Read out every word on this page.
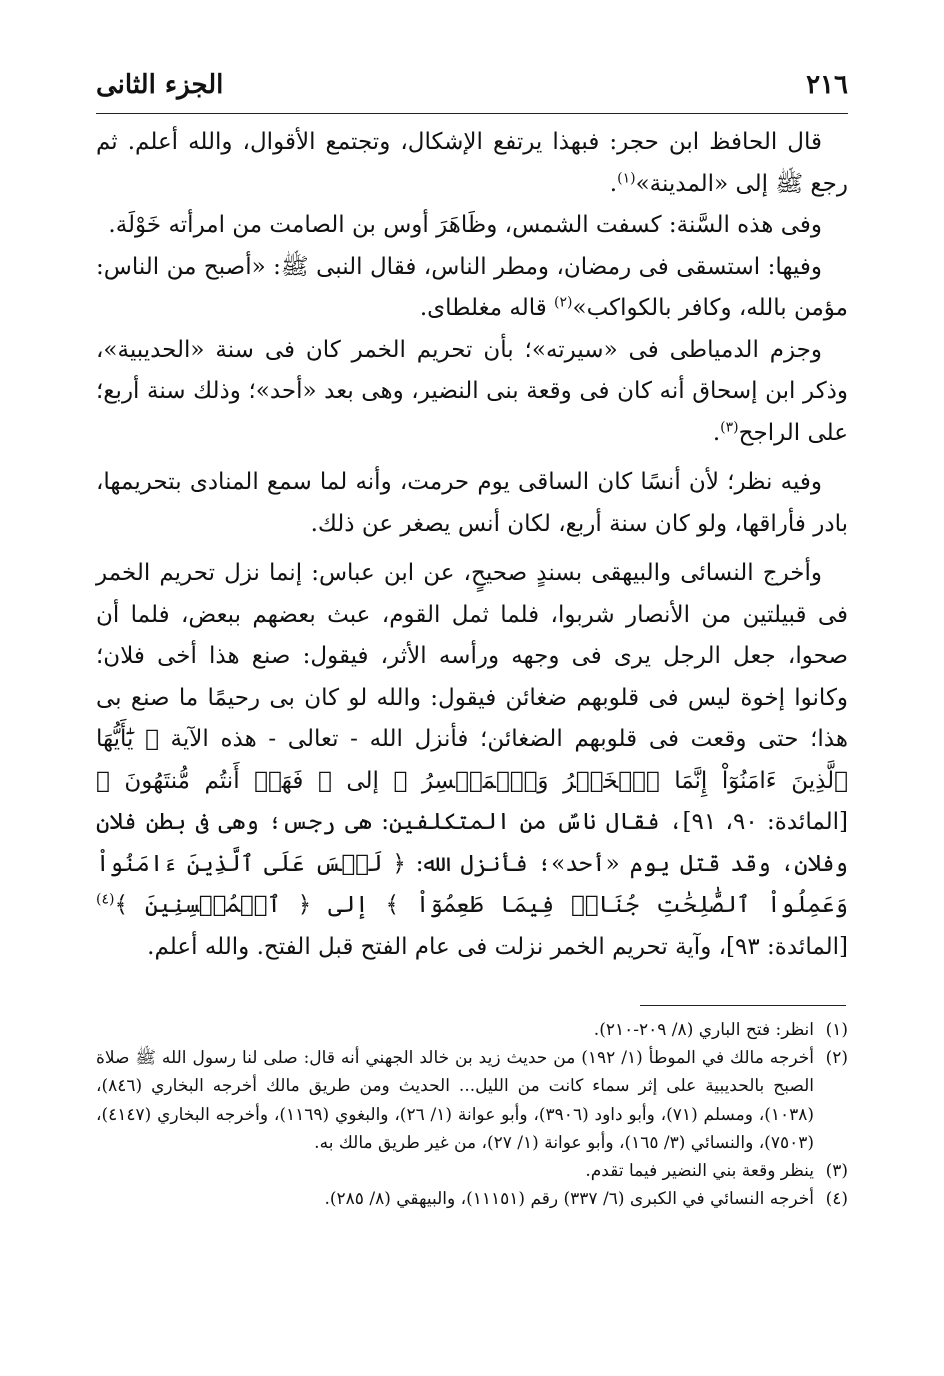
الجزء الثانى	٢١٦

قال الحافظ ابن حجر: فبهذا يرتفع الإشكال، وتجتمع الأقوال، والله أعلم. ثم رجع ﷺ إلى «المدينة»$^{(١)}$.

وفى هذه السَّنة: كسفت الشمس، وظَاهَرَ أوس بن الصامت من امرأته خَوْلَة.

وفيها: استسقى فى رمضان، ومطر الناس، فقال النبى ﷺ: «أصبح من الناس: مؤمن بالله، وكافر بالكواكب»$^{(٢)}$ قاله مغلطاى.

وجزم الدمياطى فى «سيرته»؛ بأن تحريم الخمر كان فى سنة «الحديبية»، وذكر ابن إسحاق أنه كان فى وقعة بنى النضير، وهى بعد «أحد»؛ وذلك سنة أربع؛ على الراجح$^{(٣)}$.

وفيه نظر؛ لأن أنسًا كان الساقى يوم حرمت، وأنه لما سمع المنادى بتحريمها، بادر فأراقها، ولو كان سنة أربع، لكان أنس يصغر عن ذلك.

وأخرج النسائى والبيهقى بسندٍ صحيحٍ، عن ابن عباس: إنما نزل تحريم الخمر فى قبيلتين من الأنصار شربوا، فلما ثمل القوم، عبث بعضهم ببعض، فلما أن صحوا، جعل الرجل يرى فى وجهه ورأسه الأثر، فيقول: صنع هذا أخى فلان؛ وكانوا إخوة ليس فى قلوبهم ضغائن فيقول: والله لو كان بى رحيمًا ما صنع بى هذا؛ حتى وقعت فى قلوبهم الضغائن؛ فأنزل الله - تعالى - هذه الآية ﴿ يَٰٓأَيُّهَا ٱلَّذِينَ ءَامَنُوٓاْ إِنَّمَا ٱلۡخَمۡرُ وَٱلۡمَيۡسِرُ ﴾ إلى ﴿ فَهَلۡ أَنتُم مُّنتَهُونَ ﴾ [المائدة: ٩٠، ٩١]، فقال ناسٌ من المتكلفين: هى رجس؛ وهى فى بطن فلان وفلان، وقد قتل يوم «أحد»؛ فأنزل الله: ﴿ لَيۡسَ عَلَى ٱلَّذِينَ ءَامَنُواْ وَعَمِلُواْ ٱلصَّٰلِحَٰتِ جُنَاحٞ فِيمَا طَعِمُوٓاْ ﴾ إلى ﴿ ٱلۡمُحۡسِنِينَ ﴾$^{(٤)}$ [المائدة: ٩٣]، وآية تحريم الخمر نزلت فى عام الفتح قبل الفتح. والله أعلم.

(١)
انظر: فتح الباري (٨/ ٢٠٩-٢١٠).
(٢)
أخرجه مالك في الموطأ (١/ ١٩٢) من حديث زيد بن خالد الجهني أنه قال: صلى لنا رسول الله ﷺ صلاة الصبح بالحديبية على إثر سماء كانت من الليل... الحديث ومن طريق مالك أخرجه البخاري (٨٤٦)، (١٠٣٨)، ومسلم (٧١)، وأبو داود (٣٩٠٦)، وأبو عوانة (١/ ٢٦)، والبغوي (١١٦٩)، وأخرجه البخاري (٤١٤٧)، (٧٥٠٣)، والنسائي (٣/ ١٦٥)، وأبو عوانة (١/ ٢٧)، من غير طريق مالك به.
(٣)
ينظر وقعة بني النضير فيما تقدم.
(٤)
أخرجه النسائي في الكبرى (٦/ ٣٣٧) رقم (١١١٥١)، والبيهقي (٨/ ٢٨٥).
